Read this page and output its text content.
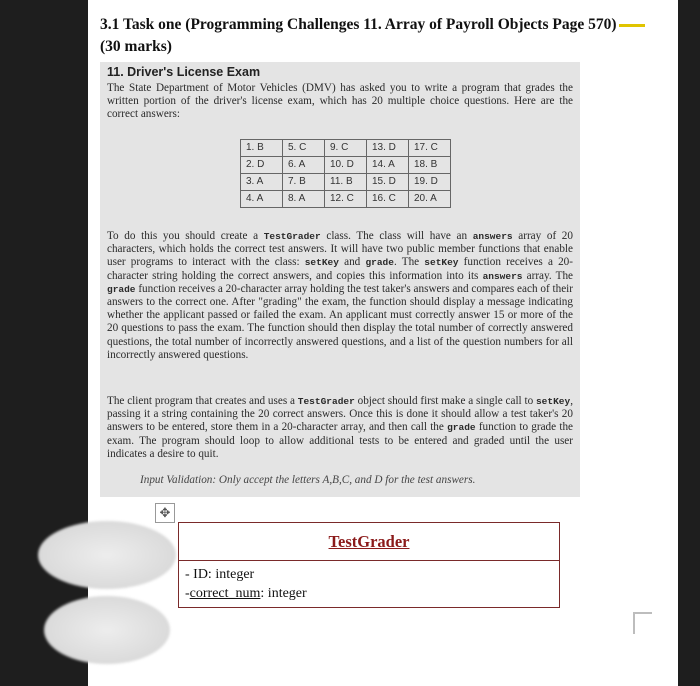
3.1 Task one (Programming Challenges 11. Array of Payroll Objects Page 570)
(30 marks)
11. Driver's License Exam
The State Department of Motor Vehicles (DMV) has asked you to write a program that grades the written portion of the driver's license exam, which has 20 multiple choice questions. Here are the correct answers:
1. B	5. C	9. C	13. D	17. C
2. D	6. A	10. D	14. A	18. B
3. A	7. B	11. B	15. D	19. D
4. A	8. A	12. C	16. C	20. A
To do this you should create a TestGrader class. The class will have an answers array of 20 characters, which holds the correct test answers. It will have two public member functions that enable user programs to interact with the class: setKey and grade. The setKey function receives a 20-character string holding the correct answers, and copies this information into its answers array. The grade function receives a 20-character array holding the test taker's answers and compares each of their answers to the correct one. After "grading" the exam, the function should display a message indicating whether the applicant passed or failed the exam. An applicant must correctly answer 15 or more of the 20 questions to pass the exam. The function should then display the total number of correctly answered questions, the total number of incorrectly answered questions, and a list of the question numbers for all incorrectly answered questions.
The client program that creates and uses a TestGrader object should first make a single call to setKey, passing it a string containing the 20 correct answers. Once this is done it should allow a test taker's 20 answers to be entered, store them in a 20-character array, and then call the grade function to grade the exam. The program should loop to allow additional tests to be entered and graded until the user indicates a desire to quit.
Input Validation: Only accept the letters A,B,C, and D for the test answers.
✥
TestGrader
- ID: integer
-correct_num: integer
